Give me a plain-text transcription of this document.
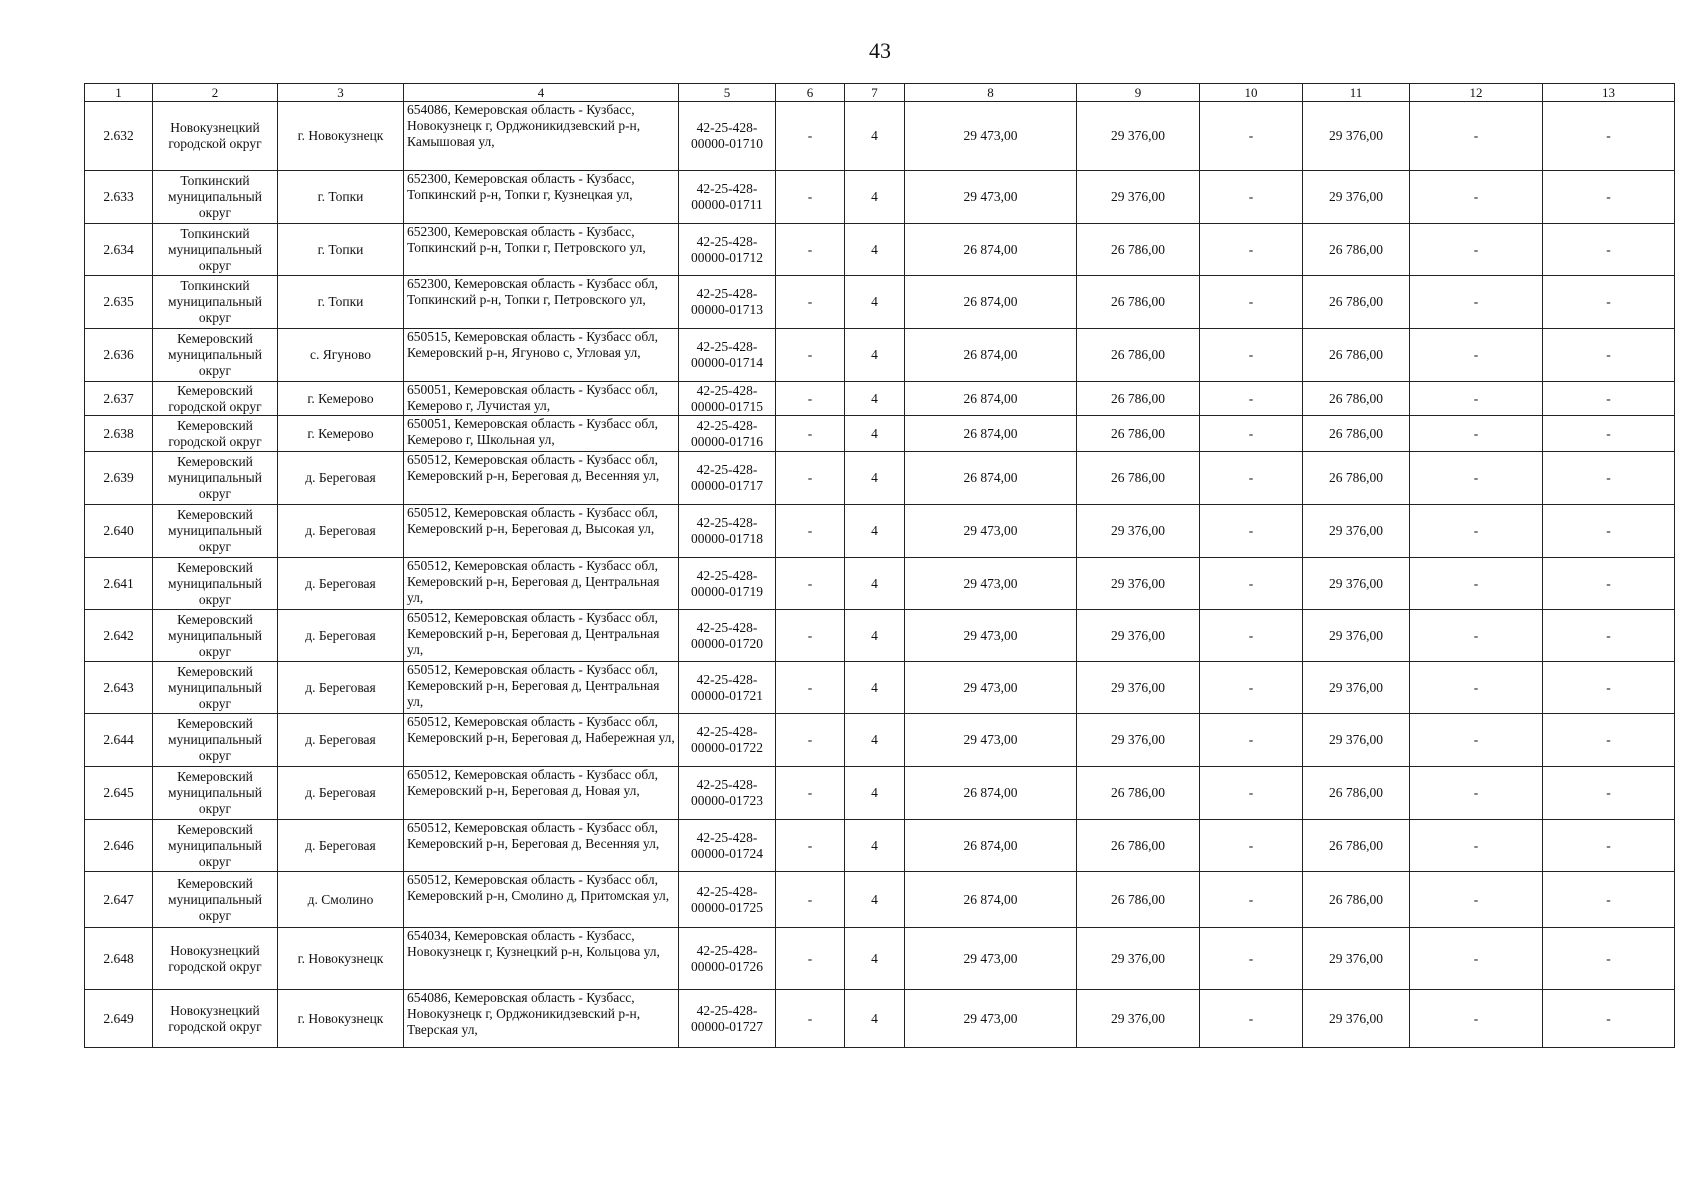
43
1	2	3	4	5	6	7	8	9	10	11	12	13
2.632	Новокузнецкий городской округ	г. Новокузнецк	654086, Кемеровская область - Кузбасс, Новокузнецк г, Орджоникидзевский р-н, Камышовая ул,	42-25-428-00000-01710	-	4	29 473,00	29 376,00	-	29 376,00	-	-
2.633	Топкинский муниципальный округ	г. Топки	652300, Кемеровская область - Кузбасс, Топкинский р-н, Топки г, Кузнецкая ул,	42-25-428-00000-01711	-	4	29 473,00	29 376,00	-	29 376,00	-	-
2.634	Топкинский муниципальный округ	г. Топки	652300, Кемеровская область - Кузбасс, Топкинский р-н, Топки г, Петровского ул,	42-25-428-00000-01712	-	4	26 874,00	26 786,00	-	26 786,00	-	-
2.635	Топкинский муниципальный округ	г. Топки	652300, Кемеровская область - Кузбасс обл, Топкинский р-н, Топки г, Петровского ул,	42-25-428-00000-01713	-	4	26 874,00	26 786,00	-	26 786,00	-	-
2.636	Кемеровский муниципальный округ	с. Ягуново	650515, Кемеровская область - Кузбасс обл, Кемеровский р-н, Ягуново с, Угловая ул,	42-25-428-00000-01714	-	4	26 874,00	26 786,00	-	26 786,00	-	-
2.637	Кемеровский городской округ	г. Кемерово	650051, Кемеровская область - Кузбасс обл, Кемерово г, Лучистая ул,	42-25-428-00000-01715	-	4	26 874,00	26 786,00	-	26 786,00	-	-
2.638	Кемеровский городской округ	г. Кемерово	650051, Кемеровская область - Кузбасс обл, Кемерово г, Школьная ул,	42-25-428-00000-01716	-	4	26 874,00	26 786,00	-	26 786,00	-	-
2.639	Кемеровский муниципальный округ	д. Береговая	650512, Кемеровская область - Кузбасс обл, Кемеровский р-н, Береговая д, Весенняя ул,	42-25-428-00000-01717	-	4	26 874,00	26 786,00	-	26 786,00	-	-
2.640	Кемеровский муниципальный округ	д. Береговая	650512, Кемеровская область - Кузбасс обл, Кемеровский р-н, Береговая д, Высокая ул,	42-25-428-00000-01718	-	4	29 473,00	29 376,00	-	29 376,00	-	-
2.641	Кемеровский муниципальный округ	д. Береговая	650512, Кемеровская область - Кузбасс обл, Кемеровский р-н, Береговая д, Центральная ул,	42-25-428-00000-01719	-	4	29 473,00	29 376,00	-	29 376,00	-	-
2.642	Кемеровский муниципальный округ	д. Береговая	650512, Кемеровская область - Кузбасс обл, Кемеровский р-н, Береговая д, Центральная ул,	42-25-428-00000-01720	-	4	29 473,00	29 376,00	-	29 376,00	-	-
2.643	Кемеровский муниципальный округ	д. Береговая	650512, Кемеровская область - Кузбасс обл, Кемеровский р-н, Береговая д, Центральная ул,	42-25-428-00000-01721	-	4	29 473,00	29 376,00	-	29 376,00	-	-
2.644	Кемеровский муниципальный округ	д. Береговая	650512, Кемеровская область - Кузбасс обл, Кемеровский р-н, Береговая д, Набережная ул,	42-25-428-00000-01722	-	4	29 473,00	29 376,00	-	29 376,00	-	-
2.645	Кемеровский муниципальный округ	д. Береговая	650512, Кемеровская область - Кузбасс обл, Кемеровский р-н, Береговая д, Новая ул,	42-25-428-00000-01723	-	4	26 874,00	26 786,00	-	26 786,00	-	-
2.646	Кемеровский муниципальный округ	д. Береговая	650512, Кемеровская область - Кузбасс обл, Кемеровский р-н, Береговая д, Весенняя ул,	42-25-428-00000-01724	-	4	26 874,00	26 786,00	-	26 786,00	-	-
2.647	Кемеровский муниципальный округ	д. Смолино	650512, Кемеровская область - Кузбасс обл, Кемеровский р-н, Смолино д, Притомская ул,	42-25-428-00000-01725	-	4	26 874,00	26 786,00	-	26 786,00	-	-
2.648	Новокузнецкий городской округ	г. Новокузнецк	654034, Кемеровская область - Кузбасс, Новокузнецк г, Кузнецкий р-н, Кольцова ул,	42-25-428-00000-01726	-	4	29 473,00	29 376,00	-	29 376,00	-	-
2.649	Новокузнецкий городской округ	г. Новокузнецк	654086, Кемеровская область - Кузбасс, Новокузнецк г, Орджоникидзевский р-н, Тверская ул,	42-25-428-00000-01727	-	4	29 473,00	29 376,00	-	29 376,00	-	-
